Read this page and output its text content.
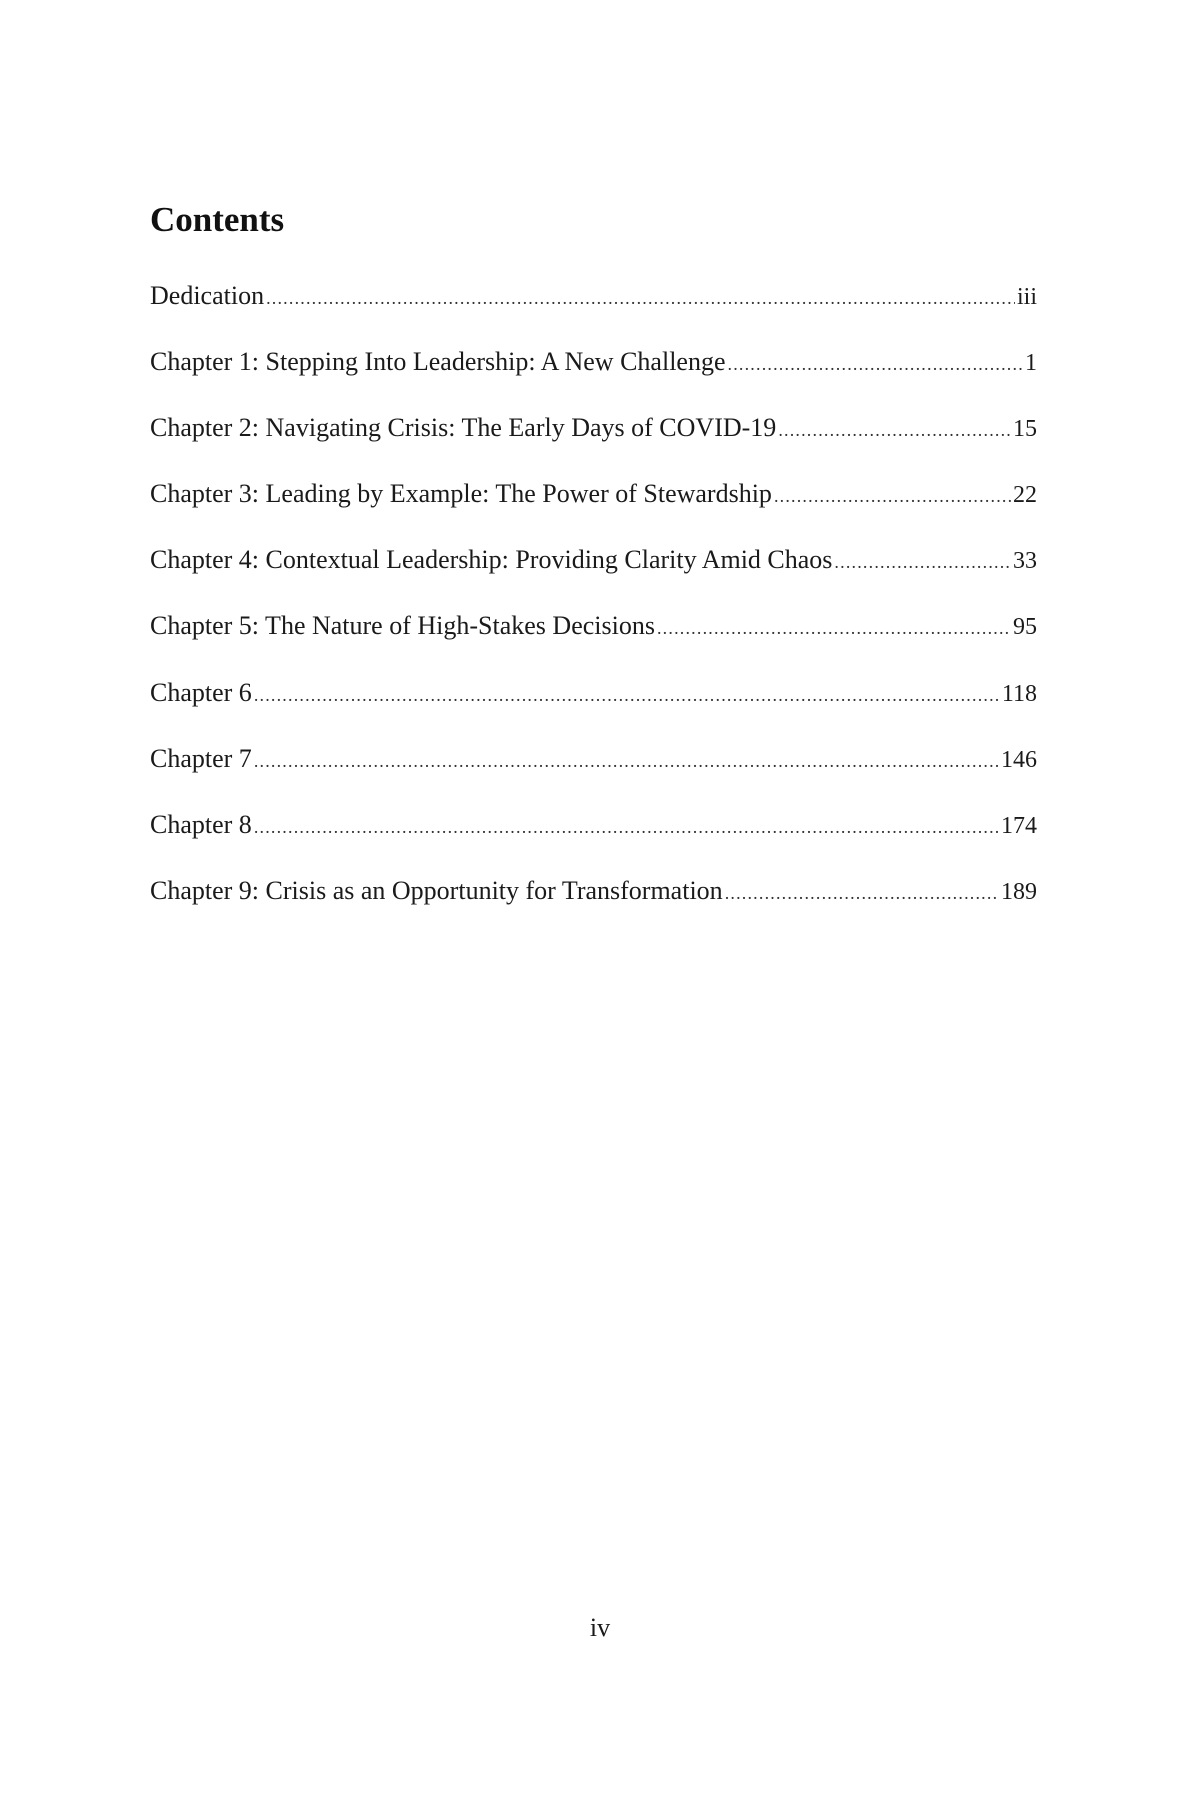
Contents
Dedication .....	iii
Chapter 1: Stepping Into Leadership: A New Challenge .....	1
Chapter 2: Navigating Crisis: The Early Days of COVID-19 .....	15
Chapter 3: Leading by Example: The Power of Stewardship .....	22
Chapter 4: Contextual Leadership: Providing Clarity Amid Chaos .....	33
Chapter 5: The Nature of High-Stakes Decisions .....	95
Chapter 6 .....	118
Chapter 7 .....	146
Chapter 8 .....	174
Chapter 9: Crisis as an Opportunity for Transformation .....	189
iv
